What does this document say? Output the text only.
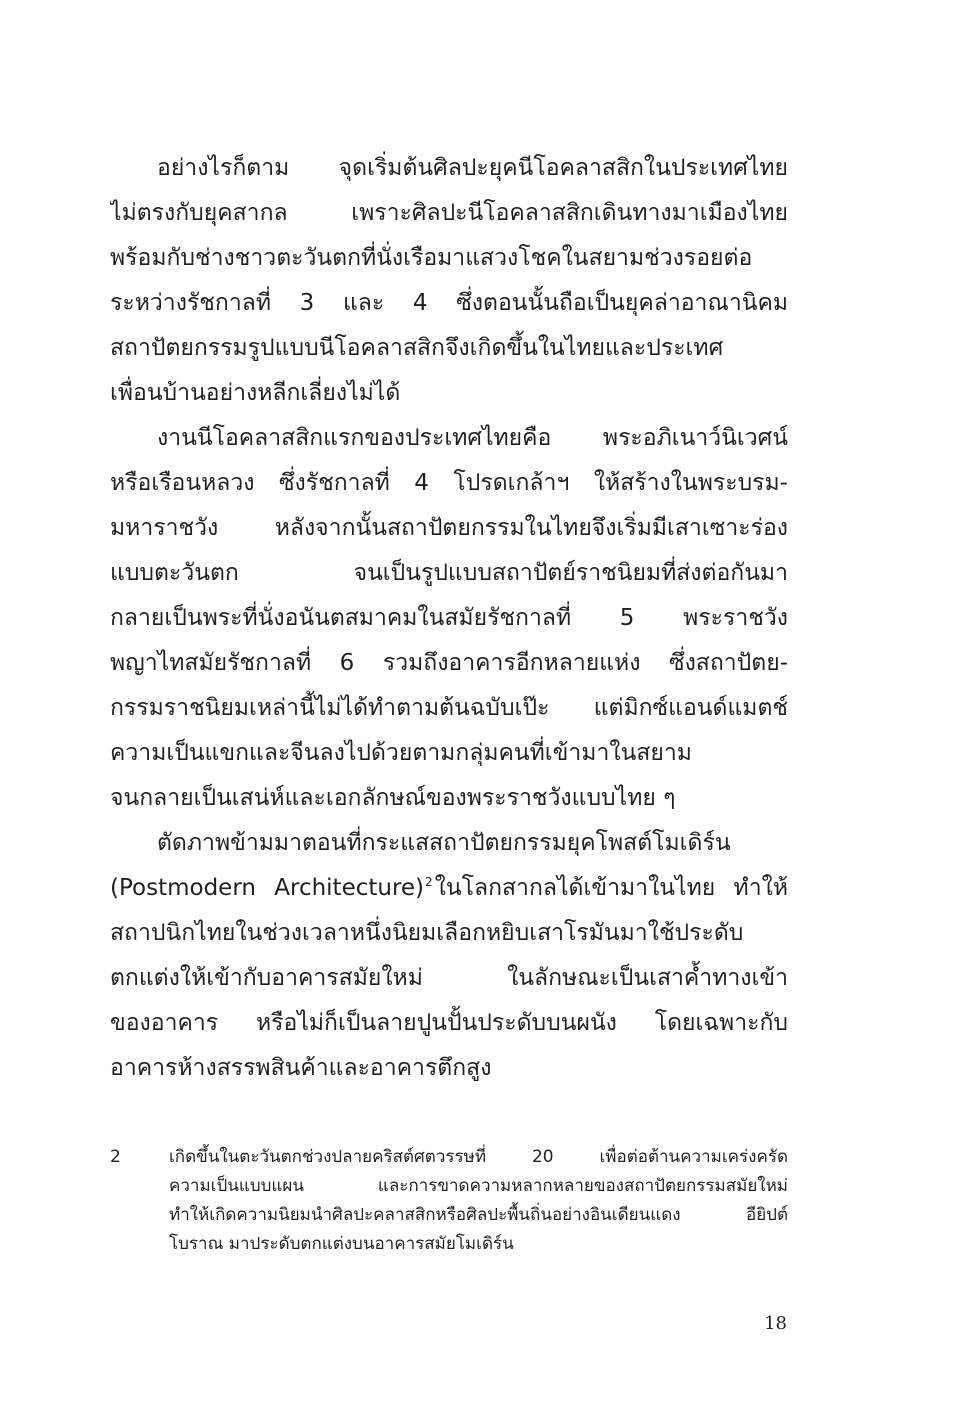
อย่างไรก็ตาม จุดเริ่มต้นศิลปะยุคนีโอคลาสสิกในประเทศไทย
ไม่ตรงกับยุคสากล เพราะศิลปะนีโอคลาสสิกเดินทางมาเมืองไทย
พร้อมกับช่างชาวตะวันตกที่นั่งเรือมาแสวงโชคในสยามช่วงรอยต่อ
ระหว่างรัชกาลที่ 3 และ 4 ซึ่งตอนนั้นถือเป็นยุคล่าอาณานิคม
สถาปัตยกรรมรูปแบบนีโอคลาสสิกจึงเกิดขึ้นในไทยและประเทศ
เพื่อนบ้านอย่างหลีกเลี่ยงไม่ได้
งานนีโอคลาสสิกแรกของประเทศไทยคือ พระอภิเนาว์นิเวศน์
หรือเรือนหลวง ซึ่งรัชกาลที่ 4 โปรดเกล้าฯ ให้สร้างในพระบรม-
มหาราชวัง หลังจากนั้นสถาปัตยกรรมในไทยจึงเริ่มมีเสาเซาะร่อง
แบบตะวันตก จนเป็นรูปแบบสถาปัตย์ราชนิยมที่ส่งต่อกันมา
กลายเป็นพระที่นั่งอนันตสมาคมในสมัยรัชกาลที่ 5 พระราชวัง
พญาไทสมัยรัชกาลที่ 6 รวมถึงอาคารอีกหลายแห่ง ซึ่งสถาปัตย-
กรรมราชนิยมเหล่านี้ไม่ได้ทำตามต้นฉบับเป๊ะ แต่มิกซ์แอนด์แมตช์
ความเป็นแขกและจีนลงไปด้วยตามกลุ่มคนที่เข้ามาในสยาม
จนกลายเป็นเสน่ห์และเอกลักษณ์ของพระราชวังแบบไทย ๆ
ตัดภาพข้ามมาตอนที่กระแสสถาปัตยกรรมยุคโพสต์โมเดิร์น
(Postmodern Architecture)$^2$ในโลกสากลได้เข้ามาในไทย ทำให้
สถาปนิกไทยในช่วงเวลาหนึ่งนิยมเลือกหยิบเสาโรมันมาใช้ประดับ
ตกแต่งให้เข้ากับอาคารสมัยใหม่ ในลักษณะเป็นเสาค้ำทางเข้า
ของอาคาร หรือไม่ก็เป็นลายปูนปั้นประดับบนผนัง โดยเฉพาะกับ
อาคารห้างสรรพสินค้าและอาคารตึกสูง
2	เกิดขึ้นในตะวันตกช่วงปลายคริสต์ศตวรรษที่ 20 เพื่อต่อต้านความเคร่งครัด
ความเป็นแบบแผน และการขาดความหลากหลายของสถาปัตยกรรมสมัยใหม่
ทำให้เกิดความนิยมนำศิลปะคลาสสิกหรือศิลปะพื้นถิ่นอย่างอินเดียนแดง อียิปต์
โบราณ มาประดับตกแต่งบนอาคารสมัยโมเดิร์น
18
